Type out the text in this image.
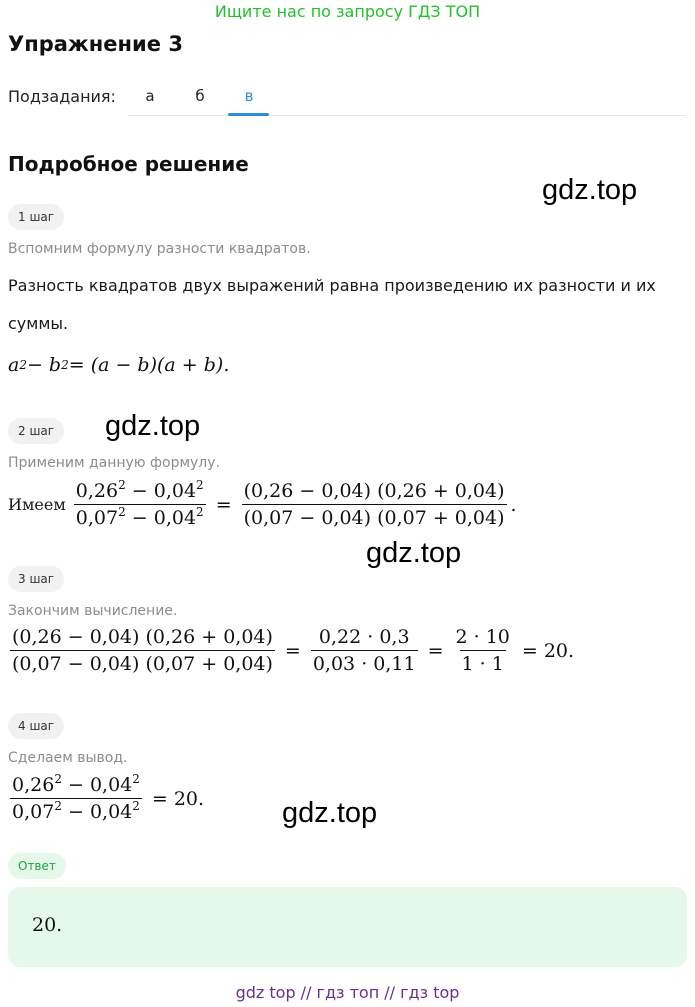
Ищите нас по запросу ГДЗ ТОП
Упражнение 3
Подзадания:	а	б	в
Подробное решение
gdz.top
gdz.top
gdz.top
gdz.top
1 шаг
Вспомним формулу разности квадратов.
Разность квадратов двух выражений равна произведению их разности и их
суммы.
a 2 − b 2 = (a − b)(a + b).
2 шаг
Применим данную формулу.
Имеем $\frac{0,26^2 - 0,04^2}{0,07^2 - 0,04^2} = \frac{(0,26 - 0,04) (0,26 + 0,04)}{(0,07 - 0,04) (0,07 + 0,04)}$ .
3 шаг
Закончим вычисление.
$\frac{(0,26 - 0,04) (0,26 + 0,04)}{(0,07 - 0,04) (0,07 + 0,04)} = \frac{0,22 \cdot 0,3}{0,03 \cdot 0,11} = \frac{2 \cdot 10}{1 \cdot 1} = 20$.
4 шаг
Сделаем вывод.
$\frac{0,26^2 - 0,04^2}{0,07^2 - 0,04^2} = 20$.
Ответ
20.
gdz top // гдз топ // гдз top
